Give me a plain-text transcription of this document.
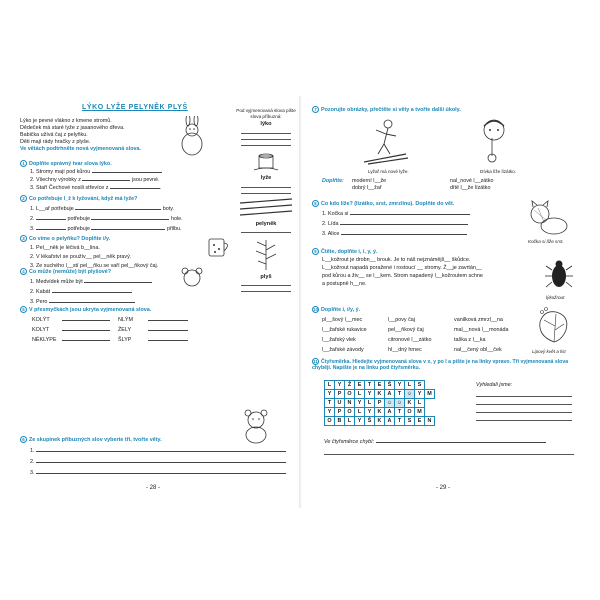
LÝKO LYŽE PELYNĚK PLYŠ
Lýko je pevné vlákno z kmene stromů.
Dědeček má staré lyže z jasanového dřeva.
Babička užívá čaj z pelyňku.
Děti mají rády hračky z plyše.
Ve větách podtrhněte nová vyjmenovaná slova.
Pod vyjmenovaná slova pište slova příbuzná:
lýko
lyže
pelyněk
plyš
1 Doplňte správný tvar slova lýko.
1. Stromy mají pod kůrou
2. Všechny výrobky z	jsou pevné.
3. Staří Čechové nosili střevíce z	.
2 Co potřebuje l_ž k lyžování, když má lyže?
1. L__ař potřebuje	boty.
2.	potřebuje	hole.
3.	potřebuje	přilbu.
3 Co víme o pelyňku? Doplňte i/y.
1. Pel__něk je léčivá b__lina.
2. V lékařství se použív__ pel__něk pravý.
3. Ze suchého l__stí pel__ňku se vaří pel__ňkový čaj.
4 Co může (nemůže) být plyšové?
1. Medvídek může být
2. Kabát
3. Pero
5 V přesmyčkách jsou ukryta vyjmenovaná slova.
KOLÝT	NLÝM
KOLYT	ŽELY
NĚKLYPE	ŠLYP
6 Ze skupinek příbuzných slov vyberte tři, tvořte věty.
1.
2.
3.
- 28 -
7 Pozorujte obrázky, přečtěte si věty a tvořte další úkoly.
Lyžař má nové lyže.	Dívka líže lízátko.
Doplňte: moderní l__že	nal_nové l__zátko
dobrý l__žař	dítě l__že lízátko
8 Co kdo líže? (lízátko, srst, zmrzlinu). Doplňte do vět.
1. Kočka si
2. Lída
3. Alice
Kočka si líže srst.
9 Čtěte, doplňte i, í, y, ý.
L__kožrout je drobn__ brouk. Je to náš nejznámějš__ škůdce.
L__kožrout napadá poražené i rostoucí __ stromy. Ž__je zavrtán__
pod kůrou a živ__ se l__kem. Strom napadený l__kožroutem schne
a postupně h__ne.
lýkožrout
10 Doplňte i, í/y, ý.
pl__šový l__mec	l__povy čaj	vanilková zmrzl__na
l__žařské rukavice	pel__ňkový čaj	mal__nová l__monáda
l__žařský vlek	citronové l__zátko	taška z l__ka
l__žařské závody	hl__dný hrnec	nal__čený obl__ček	Lipový květ a list
11 Čtyřsměrka. Hledejte vyjmenovaná slova v x, y po l a pište je na linky vpravo. Tři vyjmenovaná slova chybějí. Napište je na linku pod čtyřsměrku.
L	Y	Ž	E	T	E	Š	Y	L	S	
Y	P	O	L	Y	K	A	T	☺	Y	M
T	U	N	Y	L	P	☺	☺	K	L	
Y	P	O	L	Y	K	A	T	O	M	
O	B	L	Y	Š	K	A	T	S	E	N
Vyhledali jsme:
Ve čtyřsměrce chybí:
- 29 -
